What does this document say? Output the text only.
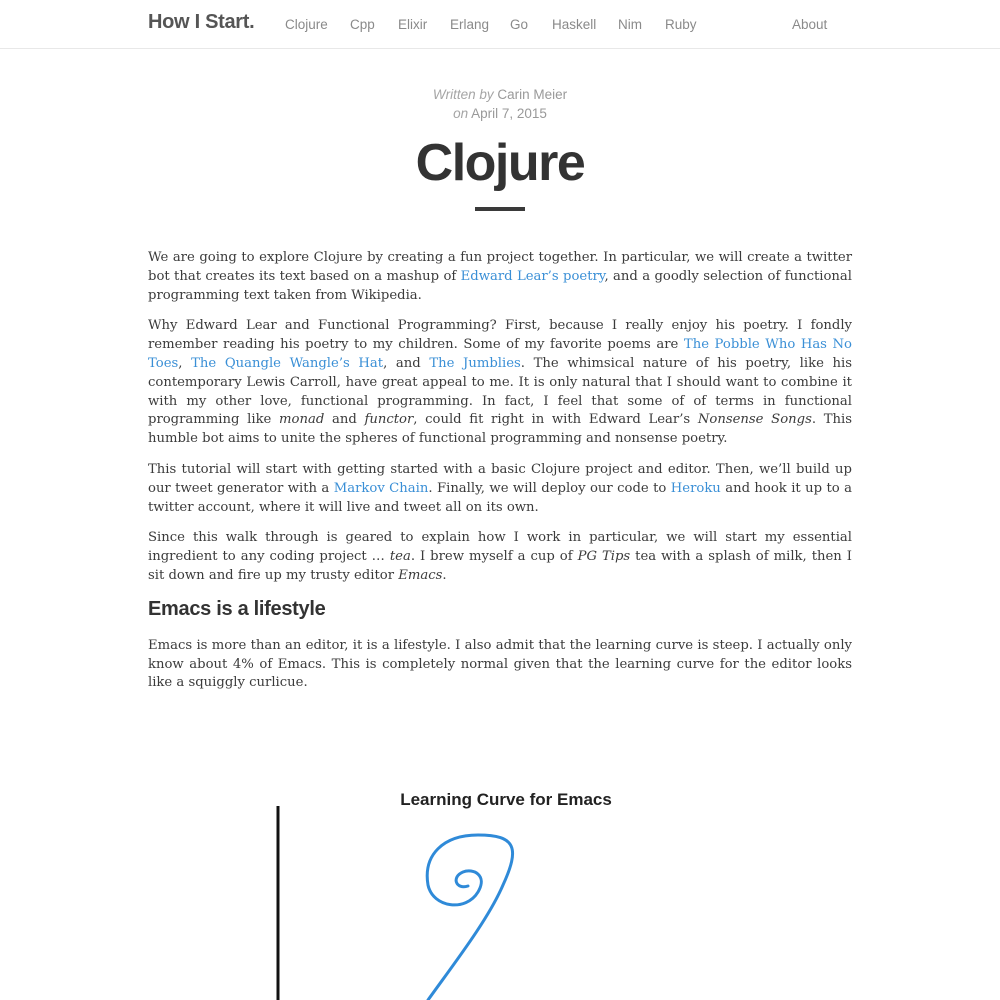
How I Start. Clojure Cpp Elixir Erlang Go Haskell Nim Ruby	About
Written by Carin Meier
on April 7, 2015
Clojure

We are going to explore Clojure by creating a fun project together. In particular, we will create a twitter bot that creates its text based on a mashup of Edward Lear’s poetry, and a goodly selection of functional programming text taken from Wikipedia.

Why Edward Lear and Functional Programming? First, because I really enjoy his poetry. I fondly remember reading his poetry to my children. Some of my favorite poems are The Pobble Who Has No Toes, The Quangle Wangle’s Hat, and The Jumblies. The whimsical nature of his poetry, like his contemporary Lewis Carroll, have great appeal to me. It is only natural that I should want to combine it with my other love, functional programming. In fact, I feel that some of of terms in functional programming like monad and functor, could fit right in with Edward Lear’s Nonsense Songs. This humble bot aims to unite the spheres of functional programming and nonsense poetry.

This tutorial will start with getting started with a basic Clojure project and editor. Then, we’ll build up our tweet generator with a Markov Chain. Finally, we will deploy our code to Heroku and hook it up to a twitter account, where it will live and tweet all on its own.

Since this walk through is geared to explain how I work in particular, we will start my essential ingredient to any coding project … tea. I brew myself a cup of PG Tips tea with a splash of milk, then I sit down and fire up my trusty editor Emacs.

Emacs is a lifestyle

Emacs is more than an editor, it is a lifestyle. I also admit that the learning curve is steep. I actually only know about 4% of Emacs. This is completely normal given that the learning curve for the editor looks like a squiggly curlicue.

Learning Curve for Emacs
